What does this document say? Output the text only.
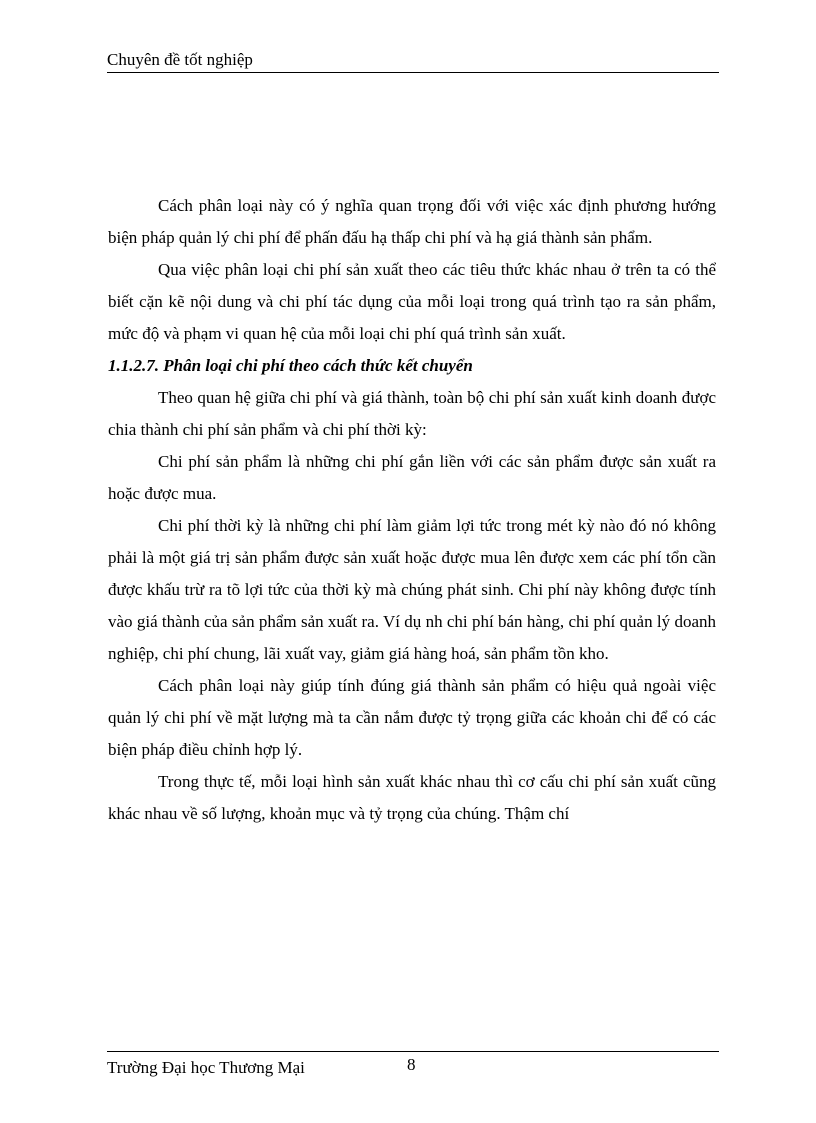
Chuyên đề tốt nghiệp

Cách phân loại này có ý nghĩa quan trọng đối với việc xác định phương hướng biện pháp quản lý chi phí để phấn đấu hạ thấp chi phí và hạ giá thành sản phẩm.

Qua việc phân loại chi phí sản xuất theo các tiêu thức khác nhau ở trên ta có thể biết cặn kẽ nội dung và chi phí tác dụng của mỗi loại trong quá trình tạo ra sản phẩm, mức độ và phạm vi quan hệ của mỗi loại chi phí quá trình sản xuất.

1.1.2.7. Phân loại chi phí theo cách thức kết chuyển

Theo quan hệ giữa chi phí và giá thành, toàn bộ chi phí sản xuất kinh doanh được chia thành chi phí sản phẩm và chi phí thời kỳ:

Chi phí sản phẩm là những chi phí gắn liền với các sản phẩm được sản xuất ra hoặc được mua.

Chi phí thời kỳ là những chi phí làm giảm lợi tức trong mét kỳ nào đó nó không phải là một giá trị sản phẩm được sản xuất hoặc được mua lên được xem các phí tổn cần được khấu trừ ra tõ lợi tức của thời kỳ mà chúng phát sinh. Chi phí này không được tính vào giá thành của sản phẩm sản xuất ra. Ví dụ nh chi phí bán hàng, chi phí quản lý doanh nghiệp, chi phí chung, lãi xuất vay, giảm giá hàng hoá, sản phẩm tồn kho.

Cách phân loại này giúp tính đúng giá thành sản phẩm có hiệu quả ngoài việc quản lý chi phí về mặt lượng mà ta cần nắm được tỷ trọng giữa các khoản chi để có các biện pháp điều chỉnh hợp lý.

Trong thực tế, mỗi loại hình sản xuất khác nhau thì cơ cấu chi phí sản xuất cũng khác nhau về số lượng, khoản mục và tỷ trọng của chúng. Thậm chí

Trường Đại học Thương Mại	8
